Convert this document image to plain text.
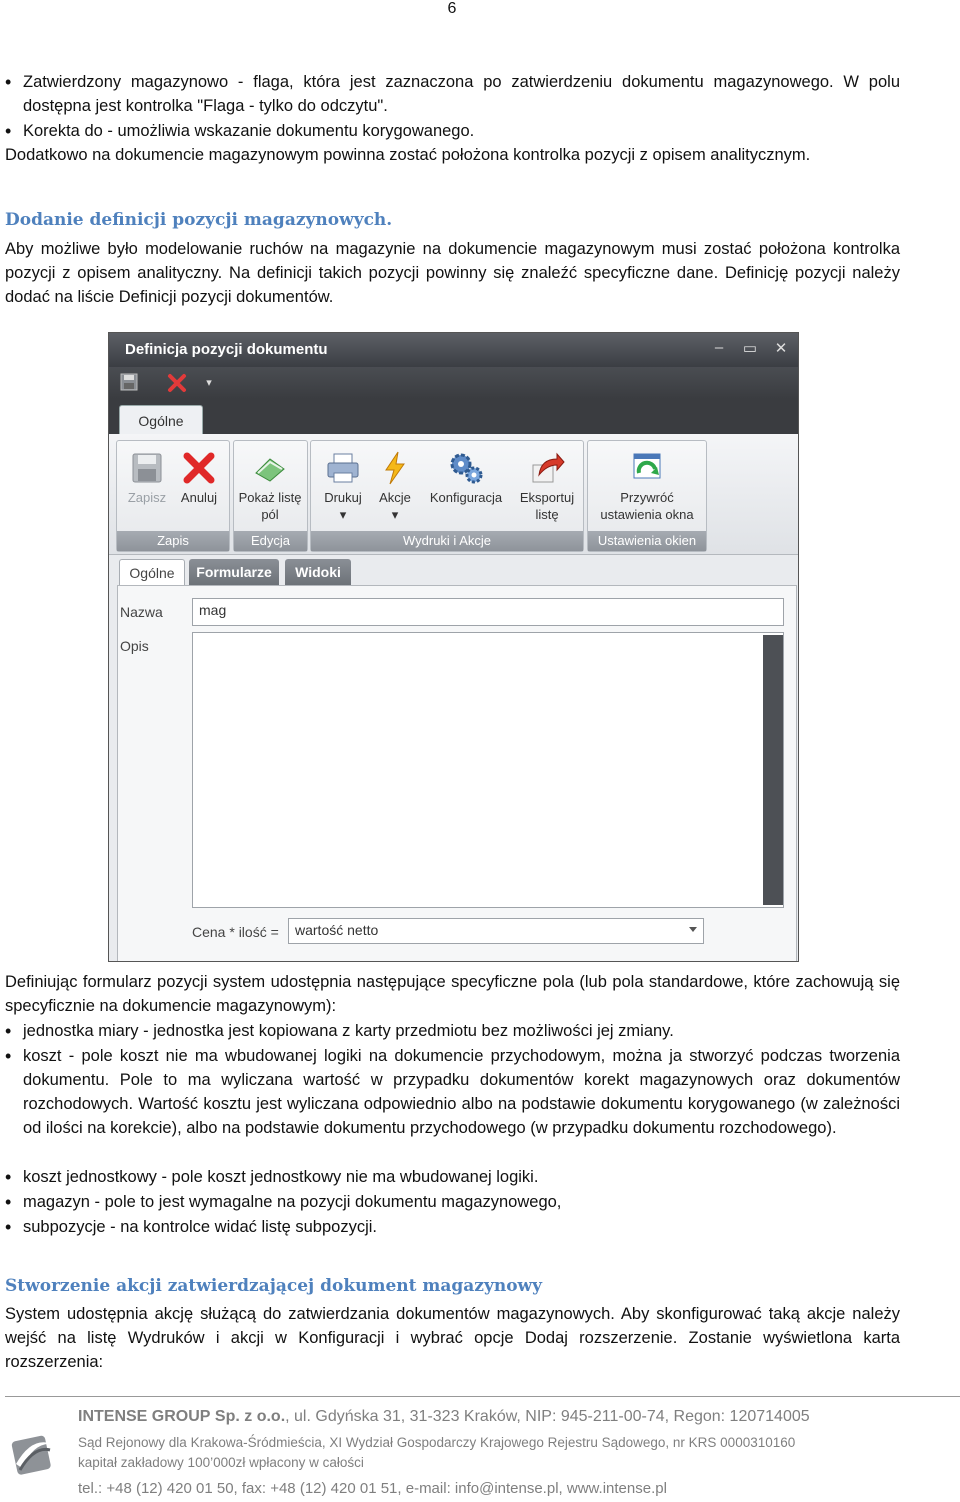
6
• Zatwierdzony magazynowo - flaga, która jest zaznaczona po zatwierdzeniu dokumentu magazynowego. W polu dostępna jest kontrolka "Flaga - tylko do odczytu".
• Korekta do - umożliwia wskazanie dokumentu korygowanego.
Dodatkowo na dokumencie magazynowym powinna zostać położona kontrolka pozycji z opisem analitycznym.
Dodanie definicji pozycji magazynowych.
Aby możliwe było modelowanie ruchów na magazynie na dokumencie magazynowym musi zostać położona kontrolka pozycji z opisem analityczny. Na definicji takich pozycji powinny się znaleźć specyficzne dane. Definicję pozycji należy dodać na liście Definicji pozycji dokumentów.
Definicja pozycji dokumentu	‒	▭ ✕
▾
Ogólne
Zapisz	Anuluj
Zapis
Pokaż listę pól
Edycja
Drukuj
▾
Akcje
▾
Konfiguracja	Eksportuj listę
Wydruki i Akcje
Przywróć ustawienia okna
Ustawienia okien
Ogólne	Formularze	Widoki
Nazwa	mag
Opis
Cena * ilość =	wartość netto
Definiując formularz pozycji system udostępnia następujące specyficzne pola (lub pola standardowe, które zachowują się specyficznie na dokumencie magazynowym):
• jednostka miary - jednostka jest kopiowana z karty przedmiotu bez możliwości jej zmiany.
• koszt - pole koszt nie ma wbudowanej logiki na dokumencie przychodowym, można ja stworzyć podczas tworzenia dokumentu. Pole to ma wyliczana wartość w przypadku dokumentów korekt magazynowych oraz dokumentów rozchodowych. Wartość kosztu jest wyliczana odpowiednio albo na podstawie dokumentu korygowanego (w zależności od ilości na korekcie), albo na podstawie dokumentu przychodowego (w przypadku dokumentu rozchodowego).
• koszt jednostkowy - pole koszt jednostkowy nie ma wbudowanej logiki.
• magazyn - pole to jest wymagalne na pozycji dokumentu magazynowego,
• subpozycje - na kontrolce widać listę subpozycji.
Stworzenie akcji zatwierdzającej dokument magazynowy
System udostępnia akcję służącą do zatwierdzania dokumentów magazynowych. Aby skonfigurować taką akcje należy wejść na listę Wydruków i akcji w Konfiguracji i wybrać opcje Dodaj rozszerzenie. Zostanie wyświetlona karta rozszerzenia:
INTENSE GROUP Sp. z o.o., ul. Gdyńska 31, 31-323 Kraków, NIP: 945-211-00-74, Regon: 120714005
Sąd Rejonowy dla Krakowa-Śródmieścia, XI Wydział Gospodarczy Krajowego Rejestru Sądowego, nr KRS 0000310160
kapitał zakładowy 100’000zł wpłacony w całości
tel.: +48 (12) 420 01 50, fax: +48 (12) 420 01 51, e-mail: info@intense.pl, www.intense.pl
